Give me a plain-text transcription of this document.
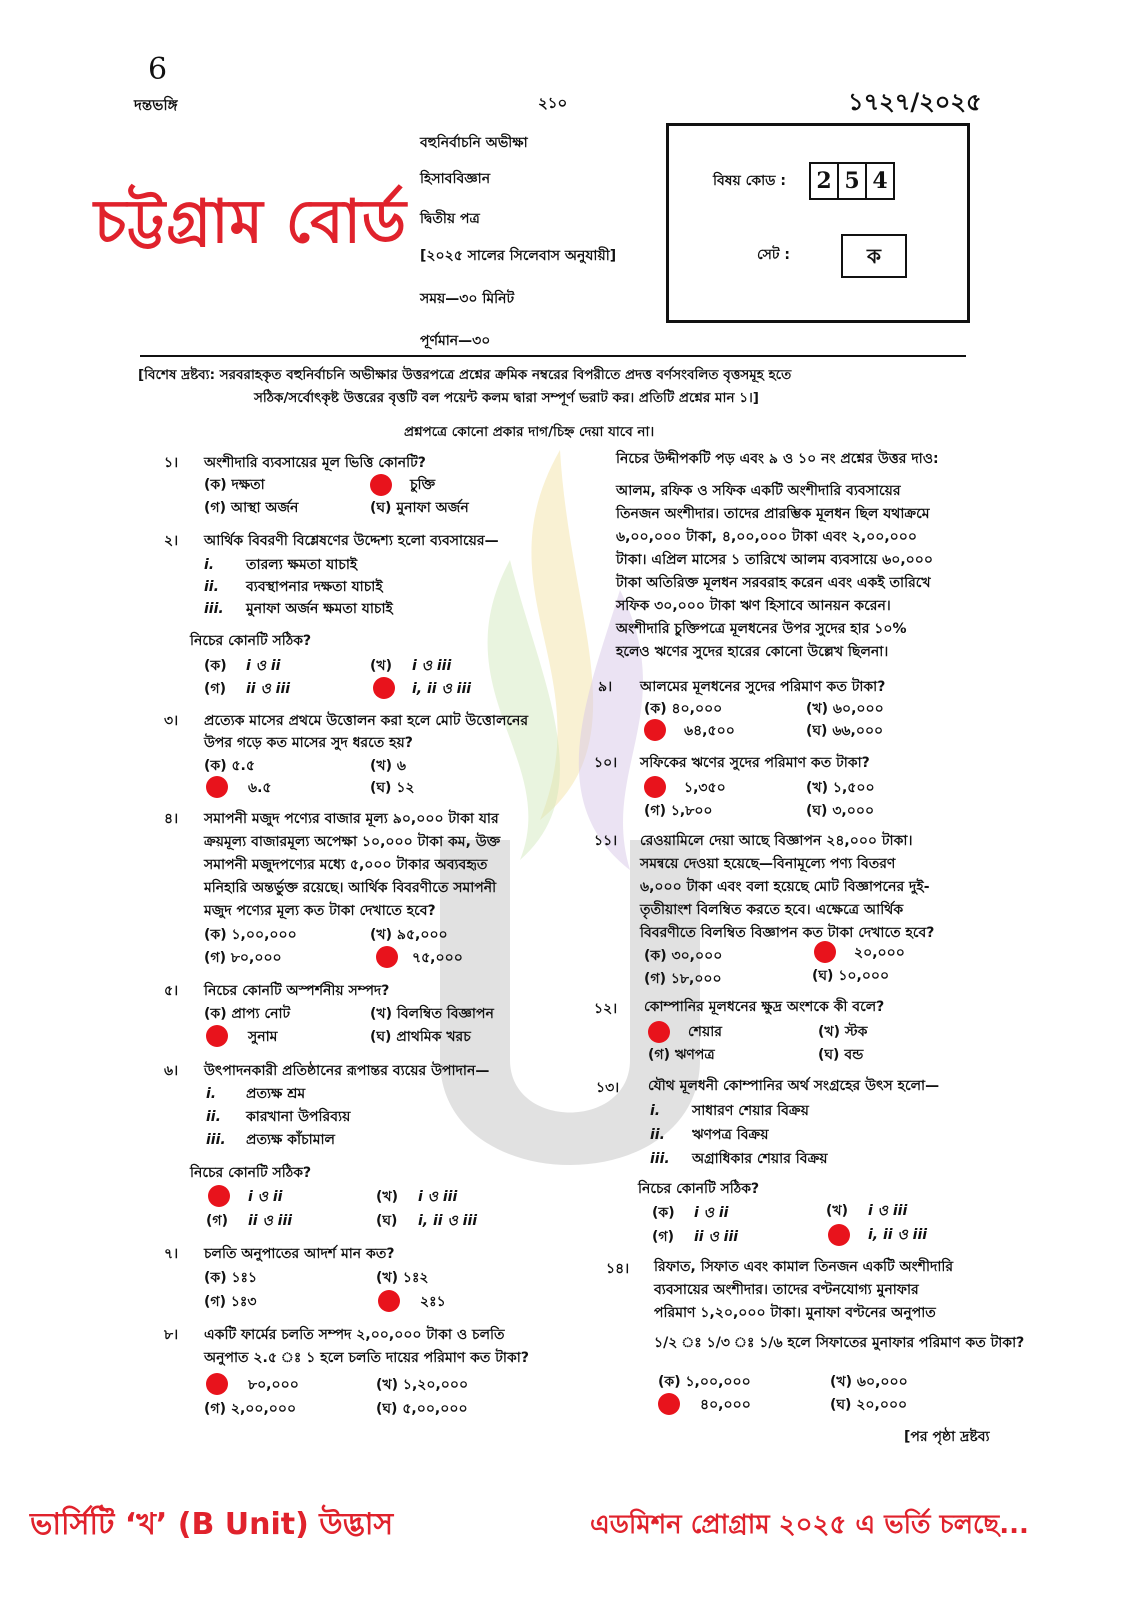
6
দন্তভঙ্গি	২১০	১৭২৭/২০২৫
বহুনির্বাচনি অভীক্ষা
হিসাববিজ্ঞান
দ্বিতীয় পত্র
[২০২৫ সালের সিলেবাস অনুযায়ী]
সময়—৩০ মিনিট
পূর্ণমান—৩০
চট্টগ্রাম বোর্ড
বিষয় কোড : 2 5 4
সেট :	ক
[বিশেষ দ্রষ্টব্য: সরবরাহকৃত বহুনির্বাচনি অভীক্ষার উত্তরপত্রে প্রশ্নের ক্রমিক নম্বরের বিপরীতে প্রদত্ত বর্ণসংবলিত বৃত্তসমূহ হতে
সঠিক/সর্বোৎকৃষ্ট উত্তরের বৃত্তটি বল পয়েন্ট কলম দ্বারা সম্পূর্ণ ভরাট কর। প্রতিটি প্রশ্নের মান ১।]
প্রশ্নপত্রে কোনো প্রকার দাগ/চিহ্ন দেয়া যাবে না।
১। অংশীদারি ব্যবসায়ের মূল ভিত্তি কোনটি?
(ক) দক্ষতা	চুক্তি
(গ) আস্থা অর্জন	(ঘ) মুনাফা অর্জন
২। আর্থিক বিবরণী বিশ্লেষণের উদ্দেশ্য হলো ব্যবসায়ের—
i. তারল্য ক্ষমতা যাচাই
ii. ব্যবস্থাপনার দক্ষতা যাচাই
iii. মুনাফা অর্জন ক্ষমতা যাচাই
নিচের কোনটি সঠিক?
(ক) i ও ii	(খ) i ও iii
(গ) ii ও iii	i, ii ও iii
৩। প্রত্যেক মাসের প্রথমে উত্তোলন করা হলে মোট উত্তোলনের
উপর গড়ে কত মাসের সুদ ধরতে হয়?
(ক) ৫.৫	(খ) ৬
৬.৫	(ঘ) ১২
৪। সমাপনী মজুদ পণ্যের বাজার মূল্য ৯০,০০০ টাকা যার
ক্রয়মূল্য বাজারমূল্য অপেক্ষা ১০,০০০ টাকা কম, উক্ত
সমাপনী মজুদপণ্যের মধ্যে ৫,০০০ টাকার অব্যবহৃত
মনিহারি অন্তর্ভুক্ত রয়েছে। আর্থিক বিবরণীতে সমাপনী
মজুদ পণ্যের মূল্য কত টাকা দেখাতে হবে?
(ক) ১,০০,০০০	(খ) ৯৫,০০০
(গ) ৮০,০০০	৭৫,০০০
৫। নিচের কোনটি অস্পর্শনীয় সম্পদ?
(ক) প্রাপ্য নোট	(খ) বিলম্বিত বিজ্ঞাপন
সুনাম	(ঘ) প্রাথমিক খরচ
৬। উৎপাদনকারী প্রতিষ্ঠানের রূপান্তর ব্যয়ের উপাদান—
i. প্রত্যক্ষ শ্রম
ii. কারখানা উপরিব্যয়
iii. প্রত্যক্ষ কাঁচামাল
নিচের কোনটি সঠিক?
i ও ii	(খ) i ও iii
(গ) ii ও iii	(ঘ) i, ii ও iii
৭। চলতি অনুপাতের আদর্শ মান কত?
(ক) ১ঃ১	(খ) ১ঃ২
(গ) ১ঃ৩	২ঃ১
৮। একটি ফার্মের চলতি সম্পদ ২,০০,০০০ টাকা ও চলতি
অনুপাত ২.৫ ঃ ১ হলে চলতি দায়ের পরিমাণ কত টাকা?
৮০,০০০	(খ) ১,২০,০০০
(গ) ২,০০,০০০	(ঘ) ৫,০০,০০০
নিচের উদ্দীপকটি পড় এবং ৯ ও ১০ নং প্রশ্নের উত্তর দাও:
আলম, রফিক ও সফিক একটি অংশীদারি ব্যবসায়ের
তিনজন অংশীদার। তাদের প্রারম্ভিক মূলধন ছিল যথাক্রমে
৬,০০,০০০ টাকা, ৪,০০,০০০ টাকা এবং ২,০০,০০০
টাকা। এপ্রিল মাসের ১ তারিখে আলম ব্যবসায়ে ৬০,০০০
টাকা অতিরিক্ত মূলধন সরবরাহ করেন এবং একই তারিখে
সফিক ৩০,০০০ টাকা ঋণ হিসাবে আনয়ন করেন।
অংশীদারি চুক্তিপত্রে মূলধনের উপর সুদের হার ১০%
হলেও ঋণের সুদের হারের কোনো উল্লেখ ছিলনা।
৯। আলমের মূলধনের সুদের পরিমাণ কত টাকা?
(ক) ৪০,০০০	(খ) ৬০,০০০
৬৪,৫০০	(ঘ) ৬৬,০০০
১০। সফিকের ঋণের সুদের পরিমাণ কত টাকা?
১,৩৫০	(খ) ১,৫০০
(গ) ১,৮০০	(ঘ) ৩,০০০
১১। রেওয়ামিলে দেয়া আছে বিজ্ঞাপন ২৪,০০০ টাকা।
সমন্বয়ে দেওয়া হয়েছে—বিনামূল্যে পণ্য বিতরণ
৬,০০০ টাকা এবং বলা হয়েছে মোট বিজ্ঞাপনের দুই-
তৃতীয়াংশ বিলম্বিত করতে হবে। এক্ষেত্রে আর্থিক
বিবরণীতে বিলম্বিত বিজ্ঞাপন কত টাকা দেখাতে হবে?
(ক) ৩০,০০০	২০,০০০
(গ) ১৮,০০০	(ঘ) ১০,০০০
১২। কোম্পানির মূলধনের ক্ষুদ্র অংশকে কী বলে?
শেয়ার	(খ) স্টক
(গ) ঋণপত্র	(ঘ) বন্ড
১৩। যৌথ মূলধনী কোম্পানির অর্থ সংগ্রহের উৎস হলো—
i. সাধারণ শেয়ার বিক্রয়
ii. ঋণপত্র বিক্রয়
iii. অগ্রাধিকার শেয়ার বিক্রয়
নিচের কোনটি সঠিক?
(ক) i ও ii	(খ) i ও iii
(গ) ii ও iii	i, ii ও iii
১৪। রিফাত, সিফাত এবং কামাল তিনজন একটি অংশীদারি
ব্যবসায়ের অংশীদার। তাদের বণ্টনযোগ্য মুনাফার
পরিমাণ ১,২০,০০০ টাকা। মুনাফা বণ্টনের অনুপাত
১/২ ১/৩ ১/৬ হলে সিফাতের মুনাফার পরিমাণ কত টাকা?
(ক) ১,০০,০০০	(খ) ৬০,০০০
৪০,০০০	(ঘ) ২০,০০০
[পর পৃষ্ঠা দ্রষ্টব্য
ভার্সিটি ‘খ’ (B Unit) উদ্ভাস	এডমিশন প্রোগ্রাম ২০২৫ এ ভর্তি চলছে...
